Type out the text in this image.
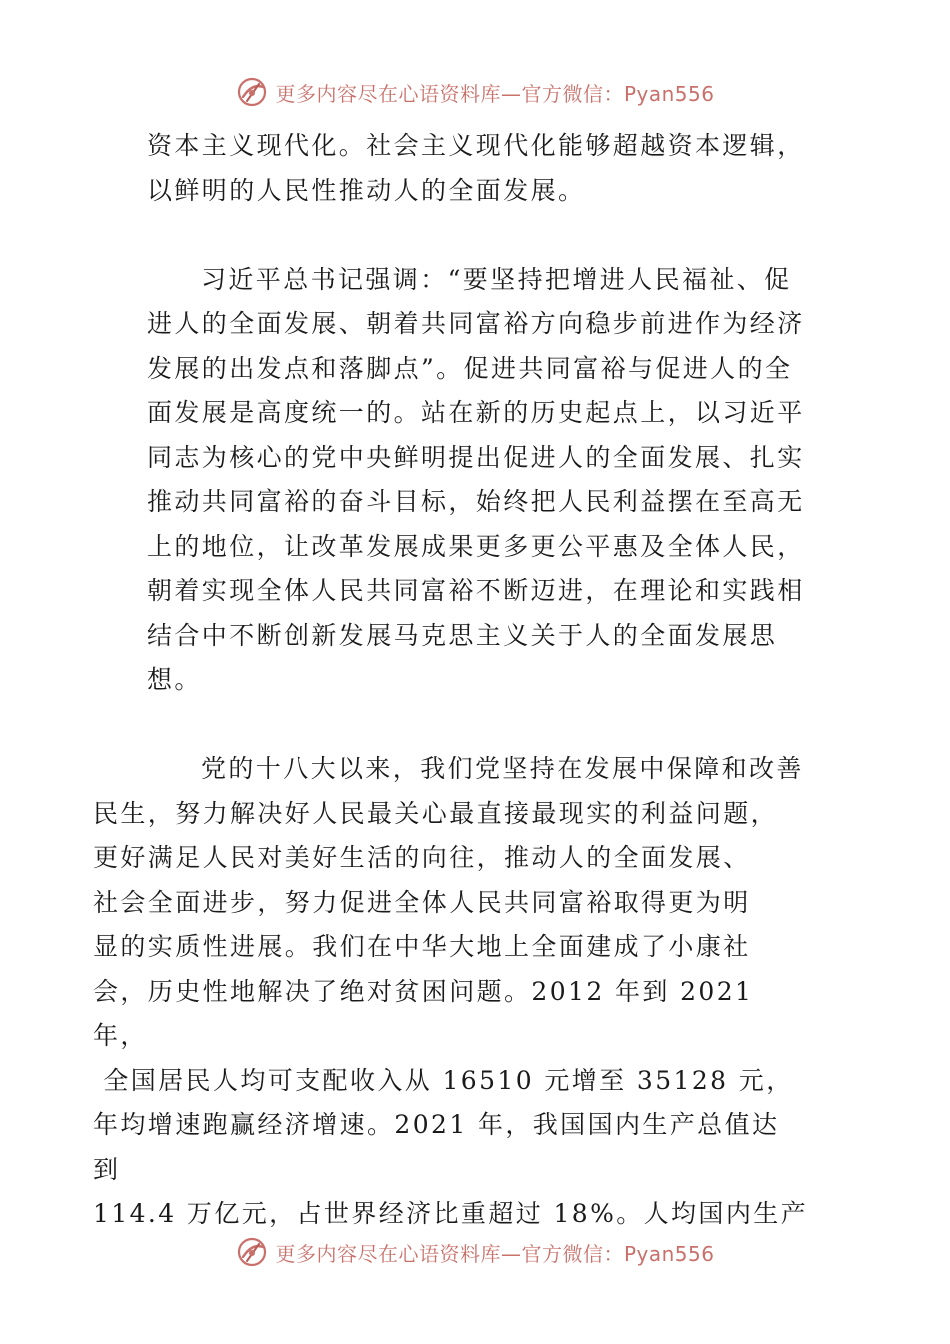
更多内容尽在心语资料库—官方微信：Pyan556

资本主义现代化。社会主义现代化能够超越资本逻辑，以鲜明的人民性推动人的全面发展。

习近平总书记强调：“要坚持把增进人民福祉、促进人的全面发展、朝着共同富裕方向稳步前进作为经济发展的出发点和落脚点”。促进共同富裕与促进人的全面发展是高度统一的。站在新的历史起点上，以习近平同志为核心的党中央鲜明提出促进人的全面发展、扎实推动共同富裕的奋斗目标，始终把人民利益摆在至高无上的地位，让改革发展成果更多更公平惠及全体人民，朝着实现全体人民共同富裕不断迈进，在理论和实践相结合中不断创新发展马克思主义关于人的全面发展思想。

党的十八大以来，我们党坚持在发展中保障和改善
民生，努力解决好人民最关心最直接最现实的利益问题，
更好满足人民对美好生活的向往，推动人的全面发展、
社会全面进步，努力促进全体人民共同富裕取得更为明
显的实质性进展。我们在中华大地上全面建成了小康社
会，历史性地解决了绝对贫困问题。2012 年到 2021 年，
全国居民人均可支配收入从 16510 元增至 35128 元，
年均增速跑赢经济增速。2021 年，我国国内生产总值达
到
114.4 万亿元，占世界经济比重超过 18%。人均国内生产
更多内容尽在心语资料库—官方微信：Pyan556
